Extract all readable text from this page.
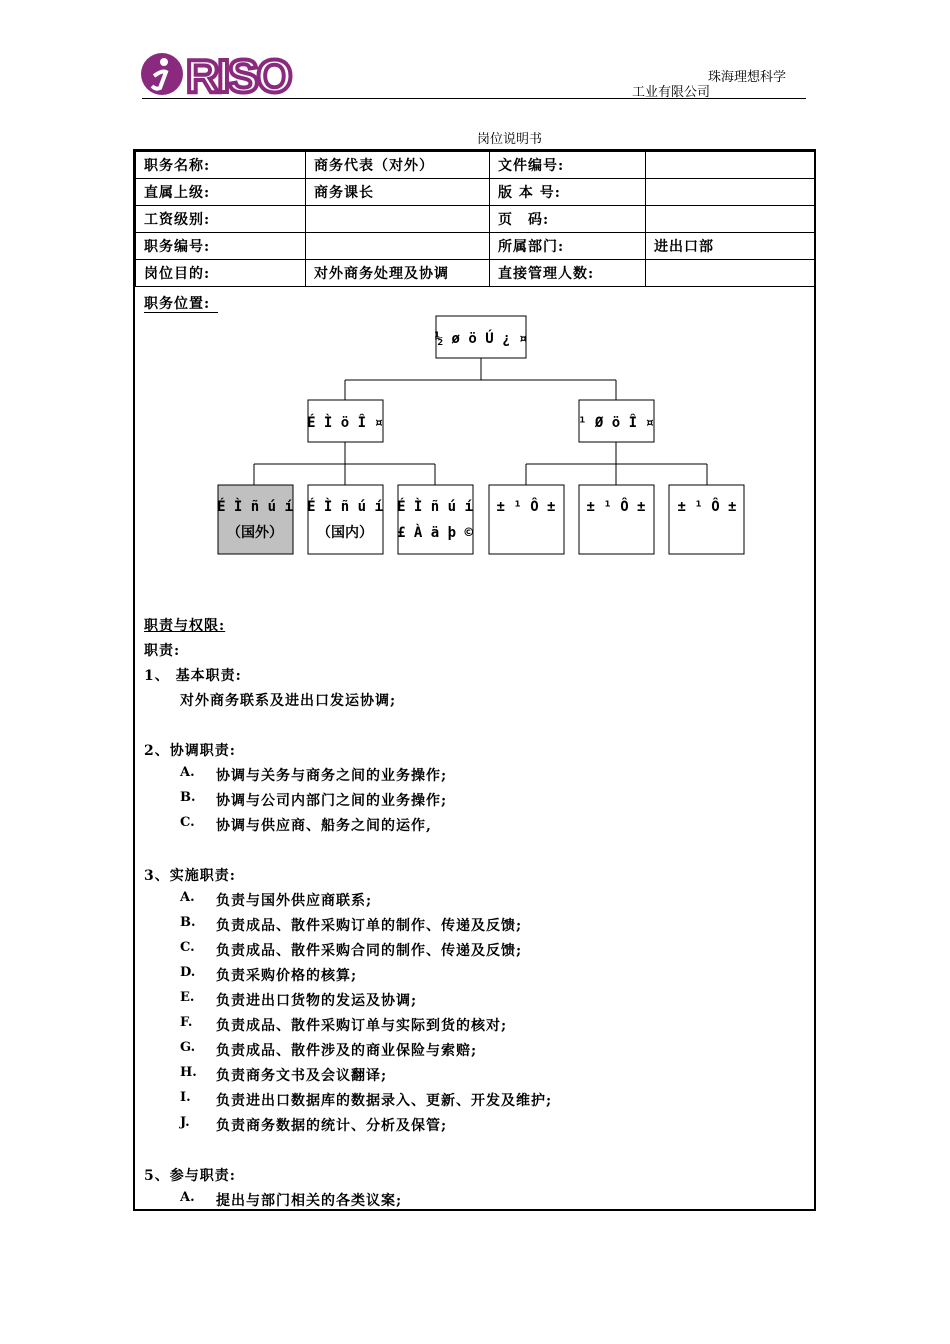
RISO	珠海理想科学
工业有限公司
岗位说明书
职务名称:	商务代表（对外）	文件编号:	
直属上级:	商务课长	版 本 号:	
工资级别:		页　码:	
职务编号:		所属部门:	进出口部
岗位目的:	对外商务处理及协调	直接管理人数:	
职务位置:
½ ø ö Ú ¿ ¤
É Ì ö Î ¤	¹ Ø ö Î ¤
É Ì ñ ú í
（国外）
É Ì ñ ú í
（国内）
É Ì ñ ú í
£ À ä þ ©
± ¹ Ô ± ± ¹ Ô ± ± ¹ Ô ±
职责与权限:
职责:
1、 基本职责:
对外商务联系及进出口发运协调;
2、协调职责:
A. 协调与关务与商务之间的业务操作;
B. 协调与公司内部门之间的业务操作;
C. 协调与供应商、船务之间的运作,
3、实施职责:
A. 负责与国外供应商联系;
B. 负责成品、散件采购订单的制作、传递及反馈;
C. 负责成品、散件采购合同的制作、传递及反馈;
D. 负责采购价格的核算;
E. 负责进出口货物的发运及协调;
F. 负责成品、散件采购订单与实际到货的核对;
G. 负责成品、散件涉及的商业保险与索赔;
H. 负责商务文书及会议翻译;
I. 负责进出口数据库的数据录入、更新、开发及维护;
J. 负责商务数据的统计、分析及保管;
5、参与职责:
A. 提出与部门相关的各类议案;
